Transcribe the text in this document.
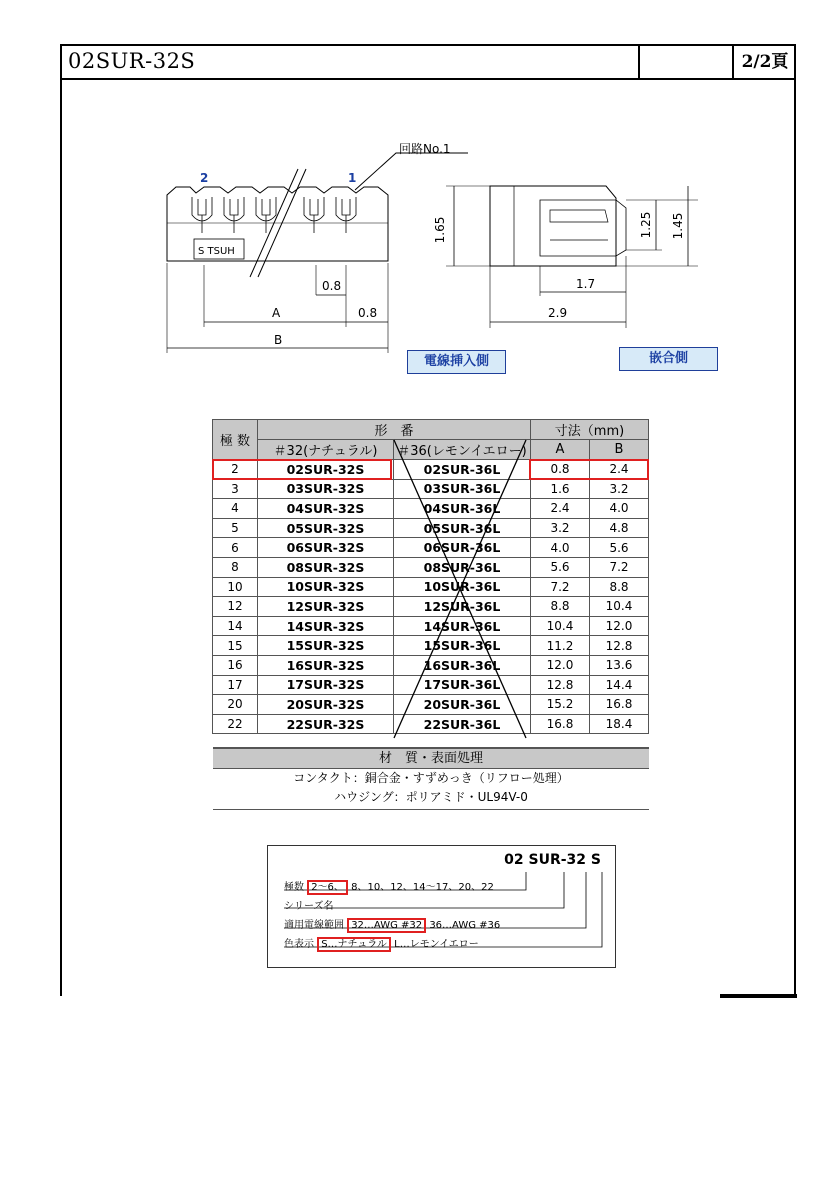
02SUR-32S	2/2頁
回路No.1
2	1
S TSUH
0.8
A	0.8
B
1.65	1.25 1.45
1.7
2.9
電線挿入側	嵌合側
極 数	形　番		寸法（mm)	
	＃32(ナチュラル)	＃36(レモンイエロー)	A	B
2	02SUR-32S	02SUR-36L	0.8	2.4
3	03SUR-32S	03SUR-36L	1.6	3.2
4	04SUR-32S	04SUR-36L	2.4	4.0
5	05SUR-32S	05SUR-36L	3.2	4.8
6	06SUR-32S	06SUR-36L	4.0	5.6
8	08SUR-32S	08SUR-36L	5.6	7.2
10	10SUR-32S	10SUR-36L	7.2	8.8
12	12SUR-32S	12SUR-36L	8.8	10.4
14	14SUR-32S	14SUR-36L	10.4	12.0
15	15SUR-32S	15SUR-36L	11.2	12.8
16	16SUR-32S	16SUR-36L	12.0	13.6
17	17SUR-32S	17SUR-36L	12.8	14.4
20	20SUR-32S	20SUR-36L	15.2	16.8
22	22SUR-32S	22SUR-36L	16.8	18.4
材　質・表面処理
コンタクト：銅合金・すずめっき（リフロー処理）
ハウジング：ポリアミド・UL94V-0
02 SUR-32 S
極数 2〜6、 8、10、12、14〜17、20、22
シリーズ名
適用電線範囲 32…AWG #32 36…AWG #36
色表示 S…ナチュラル L…レモンイエロー
